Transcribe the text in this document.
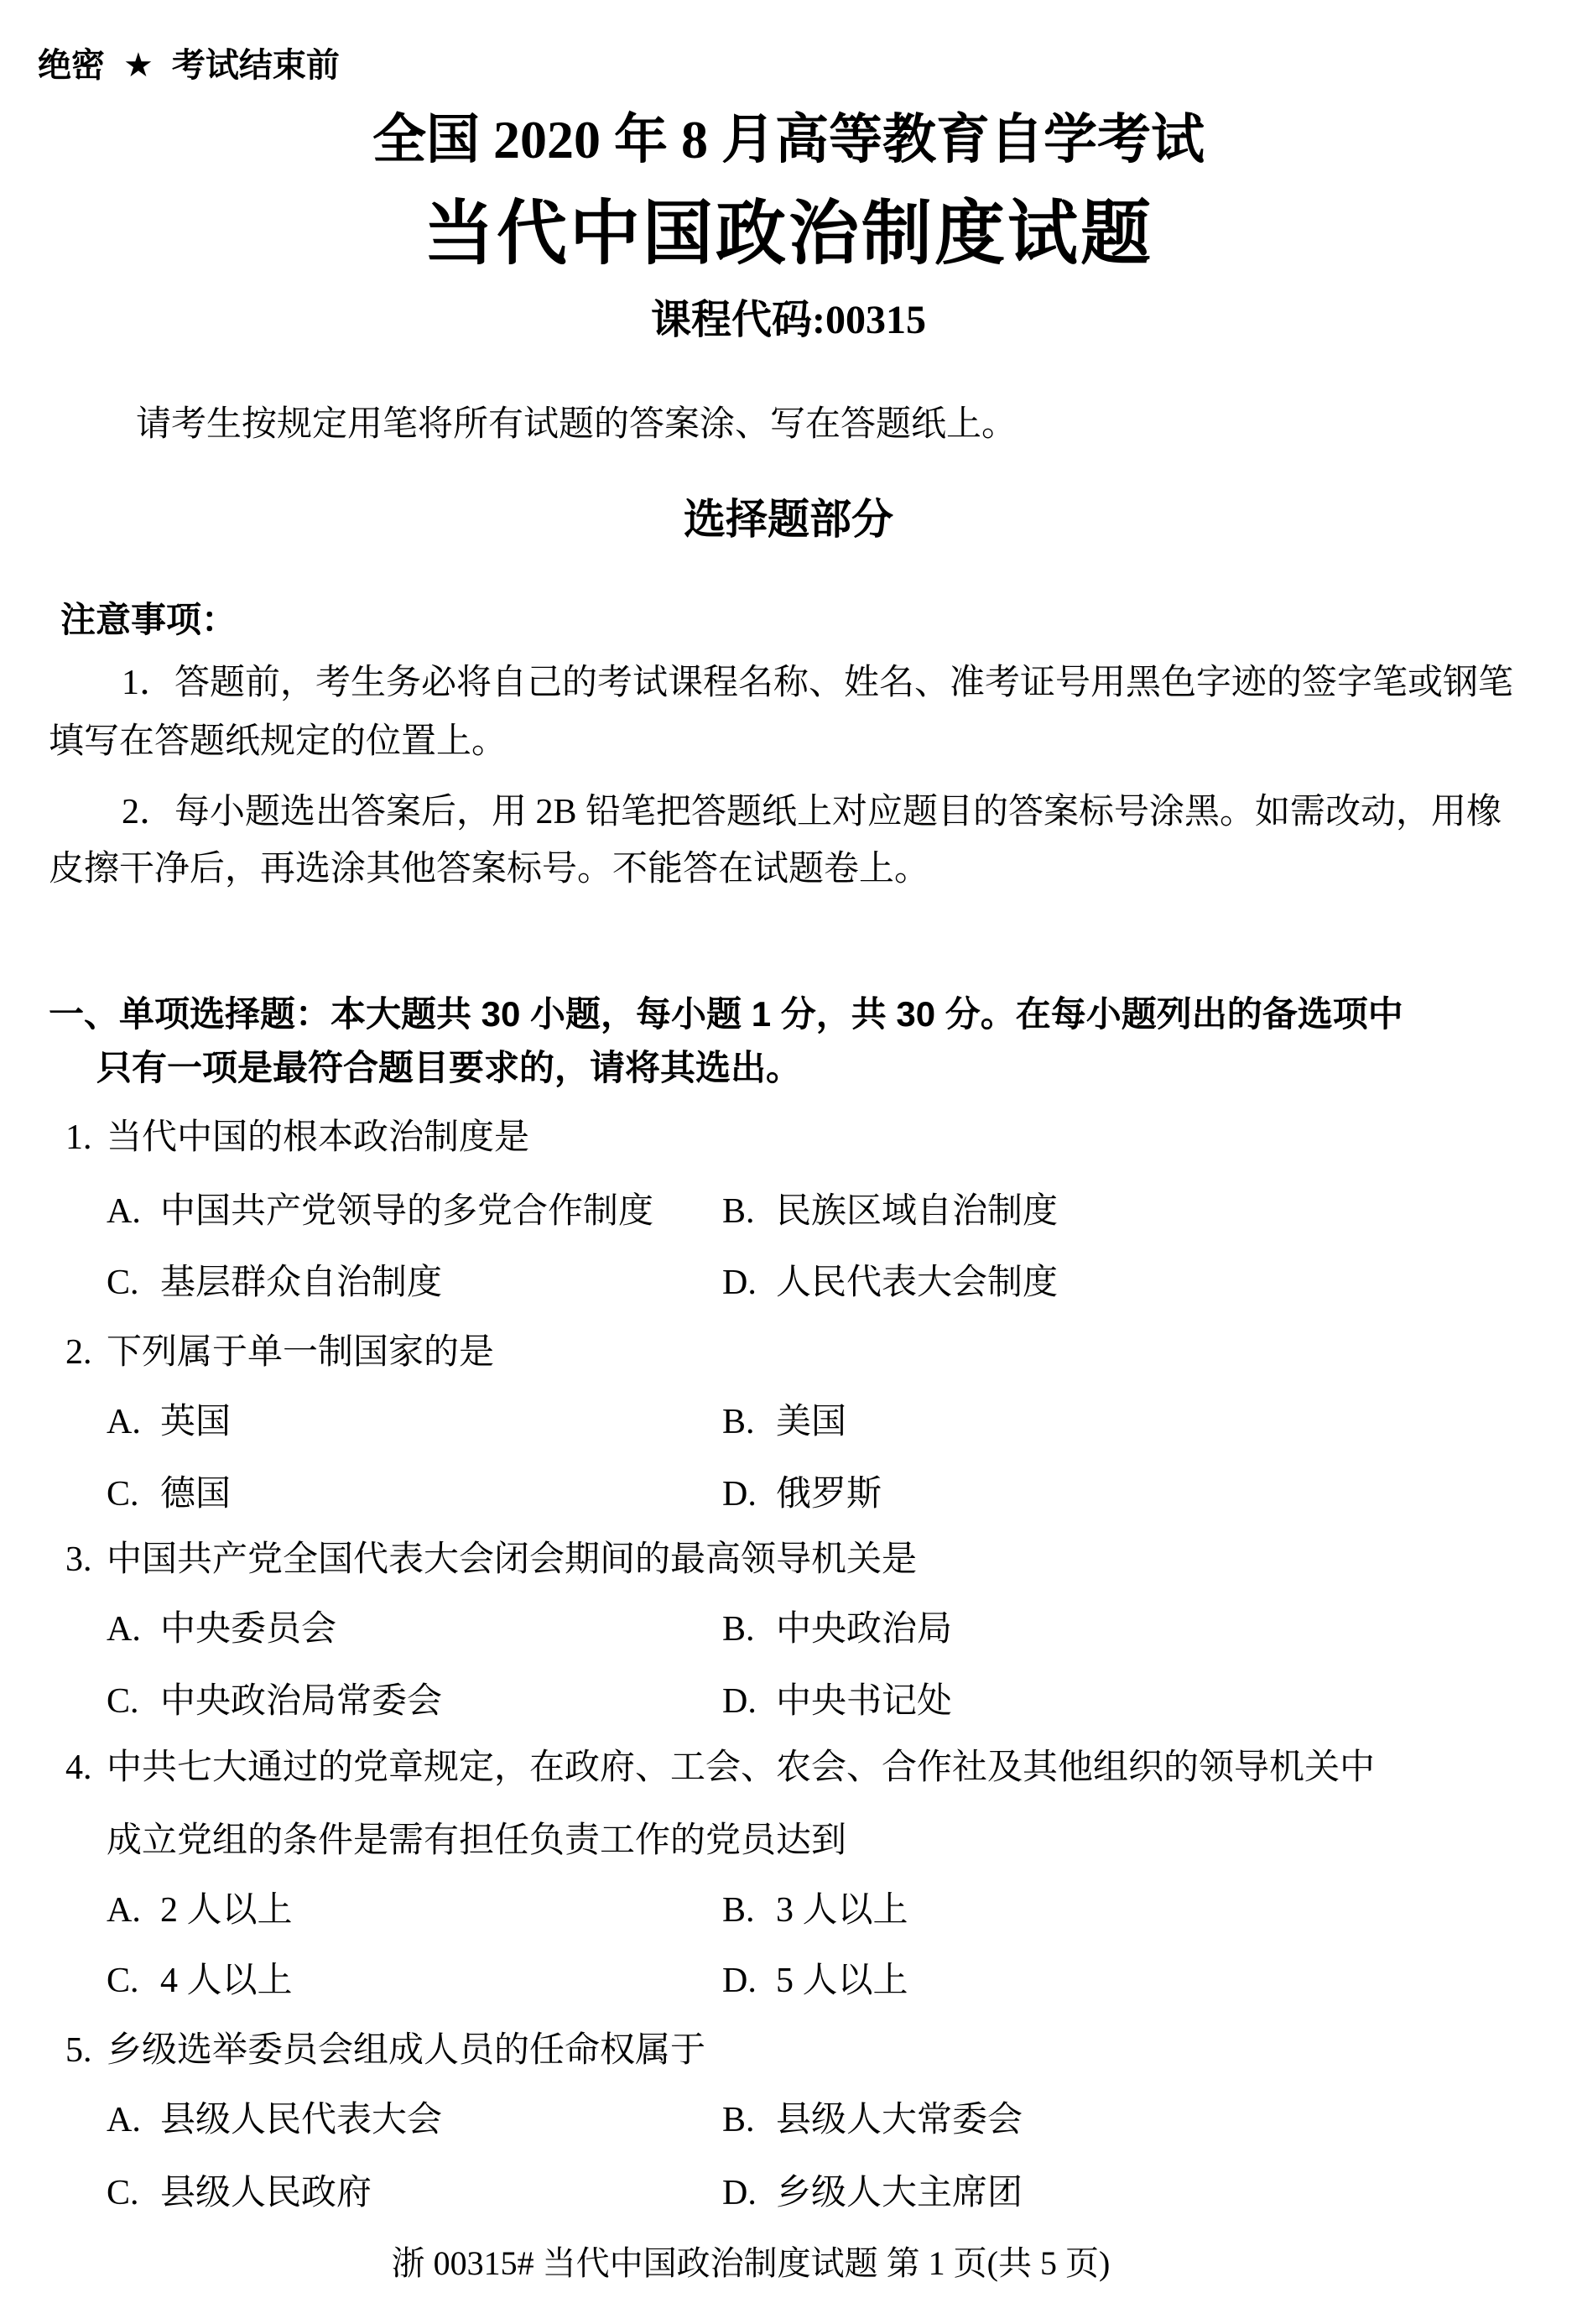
绝密 ★ 考试结束前
全国 2020 年 8 月高等教育自学考试
当代中国政治制度试题
课程代码:00315
请考生按规定用笔将所有试题的答案涂、写在答题纸上。
选择题部分
注意事项：
1．答题前，考生务必将自己的考试课程名称、姓名、准考证号用黑色字迹的签字笔或钢笔
填写在答题纸规定的位置上。
2．每小题选出答案后，用 2B 铅笔把答题纸上对应题目的答案标号涂黑。如需改动，用橡
皮擦干净后，再选涂其他答案标号。不能答在试题卷上。
一、单项选择题：本大题共 30 小题，每小题 1 分，共 30 分。在每小题列出的备选项中
只有一项是最符合题目要求的，请将其选出。
1. 当代中国的根本政治制度是
A. 中国共产党领导的多党合作制度 B. 民族区域自治制度
C. 基层群众自治制度	D. 人民代表大会制度
2. 下列属于单一制国家的是
A. 英国	B. 美国
C. 德国	D. 俄罗斯
3. 中国共产党全国代表大会闭会期间的最高领导机关是
A. 中央委员会	B. 中央政治局
C. 中央政治局常委会	D. 中央书记处
4. 中共七大通过的党章规定，在政府、工会、农会、合作社及其他组织的领导机关中
成立党组的条件是需有担任负责工作的党员达到
A. 2 人以上	B. 3 人以上
C. 4 人以上	D. 5 人以上
5. 乡级选举委员会组成人员的任命权属于
A. 县级人民代表大会	B. 县级人大常委会
C. 县级人民政府	D. 乡级人大主席团
浙 00315# 当代中国政治制度试题 第 1 页(共 5 页)
